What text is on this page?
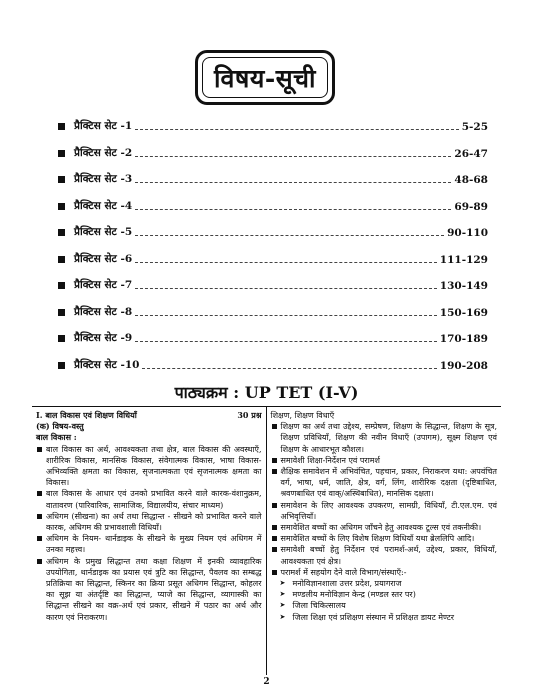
विषय-सूची
प्रैक्टिस सेट -1	5-25
प्रैक्टिस सेट -2	26-47
प्रैक्टिस सेट -3	48-68
प्रैक्टिस सेट -4	69-89
प्रैक्टिस सेट -5	90-110
प्रैक्टिस सेट -6	111-129
प्रैक्टिस सेट -7	130-149
प्रैक्टिस सेट -8	150-169
प्रैक्टिस सेट -9	170-189
प्रैक्टिस सेट -10	190-208
पाठ्यक्रम : UP TET (I-V)
I. बाल विकास एवं शिक्षण विधियाँ	30 प्रश्न
(क) विषय-वस्तु
बाल विकास :
बाल विकास का अर्थ, आवश्यकता तथा क्षेत्र, बाल विकास की अवस्थाएँ, शारीरिक विकास, मानसिक विकास, संवेगात्मक विकास, भाषा विकास- अभिव्यक्ति क्षमता का विकास, सृजनात्मकता एवं सृजनात्मक क्षमता का विकास।
बाल विकास के आधार एवं उनको प्रभावित करने वाले कारक-वंशानुक्रम, वातावरण (पारिवारिक, सामाजिक, विद्यालयीय, संचार माध्यम)
अधिगम (सीखना) का अर्थ तथा सिद्धान्त - सीखने को प्रभावित करने वाले कारक, अधिगम की प्रभावशाली विधियाँ।
अधिगम के नियम- थार्नडाइक के सीखने के मुख्य नियम एवं अधिगम में उनका महत्त्व।
अधिगम के प्रमुख सिद्धान्त तथा कक्षा शिक्षण में इनकी व्यावहारिक उपयोगिता, थार्नडाइक का प्रयास एवं त्रुटि का सिद्धान्त, पैवलव का सम्बद्ध प्रतिक्रिया का सिद्धान्त, स्किनर का क्रिया प्रसूत अधिगम सिद्धान्त, कोहलर का सूझ या अंतर्दृष्टि का सिद्धान्त, प्याजे का सिद्धान्त, व्यागास्की का सिद्धान्त सीखने का वक्र-अर्थ एवं प्रकार, सीखने में पठार का अर्थ और कारण एवं निराकरण।
शिक्षण, शिक्षण विधाएँ
शिक्षण का अर्थ तथा उद्देश्य, सम्प्रेषण, शिक्षण के सिद्धान्त, शिक्षण के सूत्र, शिक्षण प्रविधियाँ, शिक्षण की नवीन विधाएँ (उपागम), सूक्ष्म शिक्षण एवं शिक्षण के आधारभूत कौशल।
समावेशी शिक्षा-निर्देशन एवं परामर्श
शैक्षिक समावेशन में अभिवंचित, पहचान, प्रकार, निराकरण यथा: अपवंचित वर्ग, भाषा, धर्म, जाति, क्षेत्र, वर्ग, लिंग, शारीरिक दक्षता (दृष्टिबाधित, श्रवणबाधित एवं वाक्/अस्थिबाधित), मानसिक दक्षता।
समावेशन के लिए आवश्यक उपकरण, सामग्री, विधियाँ, टी.एल.एम. एवं अभिवृत्तियाँ।
समावेशित बच्चों का अधिगम जाँचने हेतु आवश्यक टूल्स एवं तकनीकी।
समावेशित बच्चों के लिए विशेष शिक्षण विधियाँ यथा ब्रेललिपि आदि।
समावेशी बच्चों हेतु निर्देशन एवं परामर्श-अर्थ, उद्देश्य, प्रकार, विधियाँ, आवश्यकता एवं क्षेत्र।
परामर्श में सहयोग देने वाले विभाग/संस्थाएँ:-
➤ मनोविज्ञानशाला उत्तर प्रदेश, प्रयागराज
➤ मण्डलीय मनोविज्ञान केन्द्र (मण्डल स्तर पर)
➤ जिला चिकित्सालय
➤ जिला शिक्षा एवं प्रशिक्षण संस्थान में प्रशिक्षत डायट मेण्टर
2
